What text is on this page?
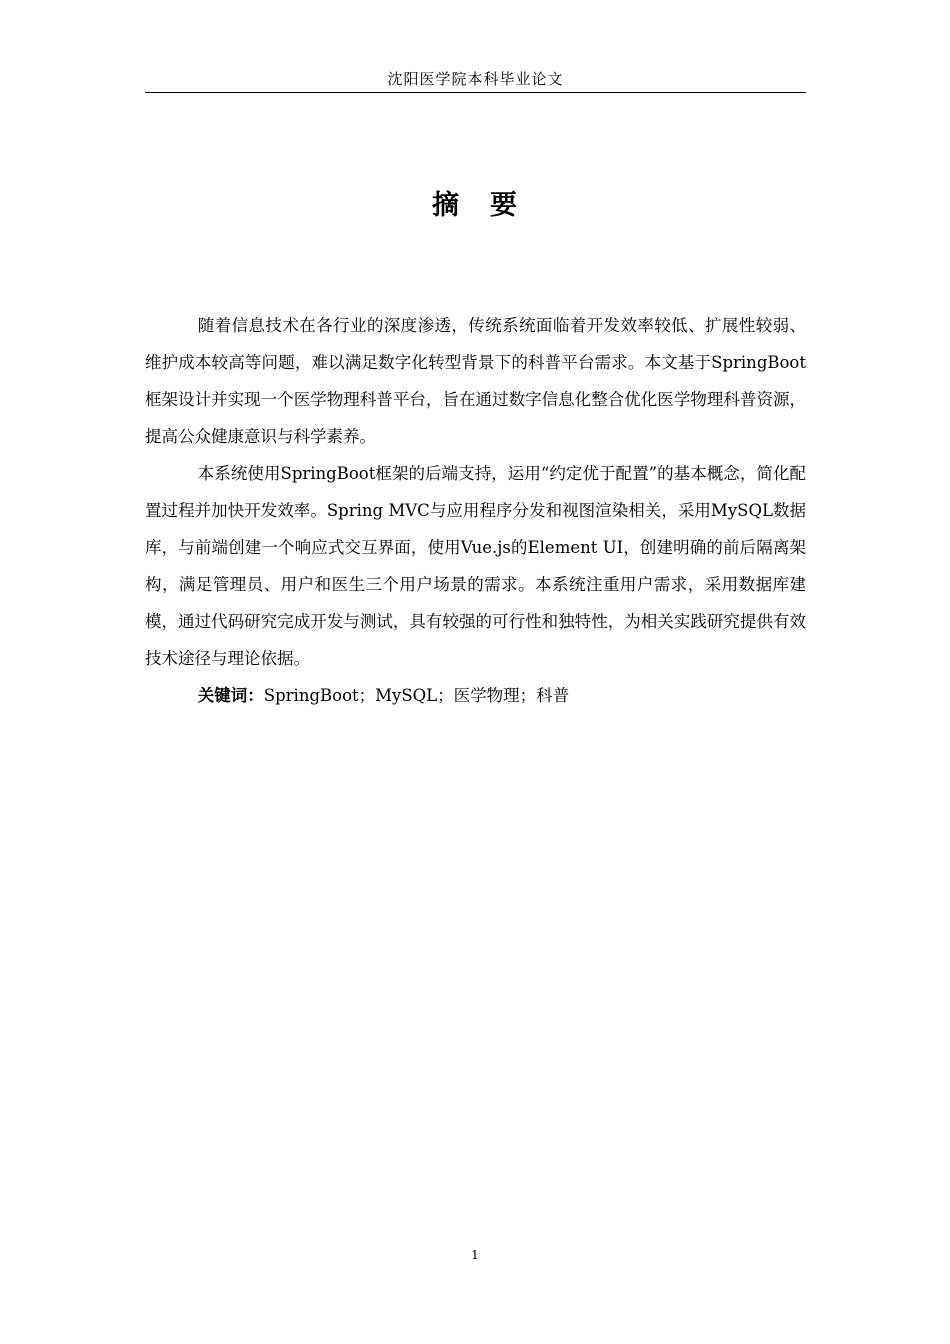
沈阳医学院本科毕业论文
摘　要

随着信息技术在各行业的深度渗透，传统系统面临着开发效率较低、扩展性较弱、维护成本较高等问题，难以满足数字化转型背景下的科普平台需求。本文基于SpringBoot框架设计并实现一个医学物理科普平台，旨在通过数字信息化整合优化医学物理科普资源，提高公众健康意识与科学素养。

本系统使用SpringBoot框架的后端支持，运用“约定优于配置”的基本概念，简化配置过程并加快开发效率。Spring MVC与应用程序分发和视图渲染相关，采用MySQL数据库，与前端创建一个响应式交互界面，使用Vue.js的Element UI，创建明确的前后隔离架构，满足管理员、用户和医生三个用户场景的需求。本系统注重用户需求，采用数据库建模，通过代码研究完成开发与测试，具有较强的可行性和独特性，为相关实践研究提供有效技术途径与理论依据。

关键词：SpringBoot；MySQL；医学物理；科普

1
